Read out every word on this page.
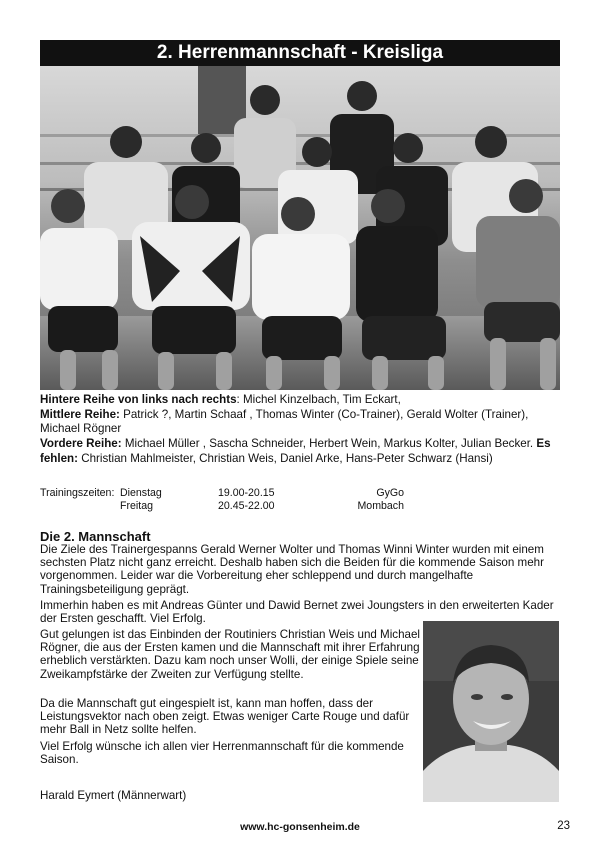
2. Herrenmannschaft - Kreisliga
Hintere Reihe von links nach rechts: Michel Kinzelbach, Tim Eckart,
Mittlere Reihe: Patrick ?, Martin Schaaf , Thomas Winter (Co-Trainer), Gerald Wolter (Trainer), Michael Rögner
Vordere Reihe: Michael Müller , Sascha Schneider, Herbert Wein, Markus Kolter, Julian Becker. Es fehlen: Christian Mahlmeister, Christian Weis, Daniel Arke, Hans-Peter Schwarz (Hansi)
Trainingszeiten: Dienstag	19.00-20.15	GyGo
Freitag	20.45-22.00	Mombach
Die 2. Mannschaft
Die Ziele des Trainergespanns Gerald Werner Wolter und Thomas Winni Winter wurden mit einem sechsten Platz nicht ganz erreicht. Deshalb haben sich die Beiden für die kommende Saison mehr vorgenommen. Leider war die Vorbereitung eher schleppend und durch mangelhafte Trainingsbeteiligung geprägt.
Immerhin haben es mit Andreas Günter und Dawid Bernet zwei Joungsters in den erweiterten Kader der Ersten geschafft. Viel Erfolg.
Gut gelungen ist das Einbinden der Routiniers Christian Weis und Michael Rögner, die aus der Ersten kamen und die Mannschaft mit ihrer Erfahrung erheblich verstärkten. Dazu kam noch unser Wolli, der einige Spiele seine Zweikampfstärke der Zweiten zur Verfügung stellte.
Da die Mannschaft gut eingespielt ist, kann man hoffen, dass der Leistungsvektor nach oben zeigt. Etwas weniger Carte Rouge und dafür mehr Ball in Netz sollte helfen.
Viel Erfolg wünsche ich allen vier Herrenmannschaft für die kommende Saison.
Harald Eymert (Männerwart)
www.hc-gonsenheim.de	23
